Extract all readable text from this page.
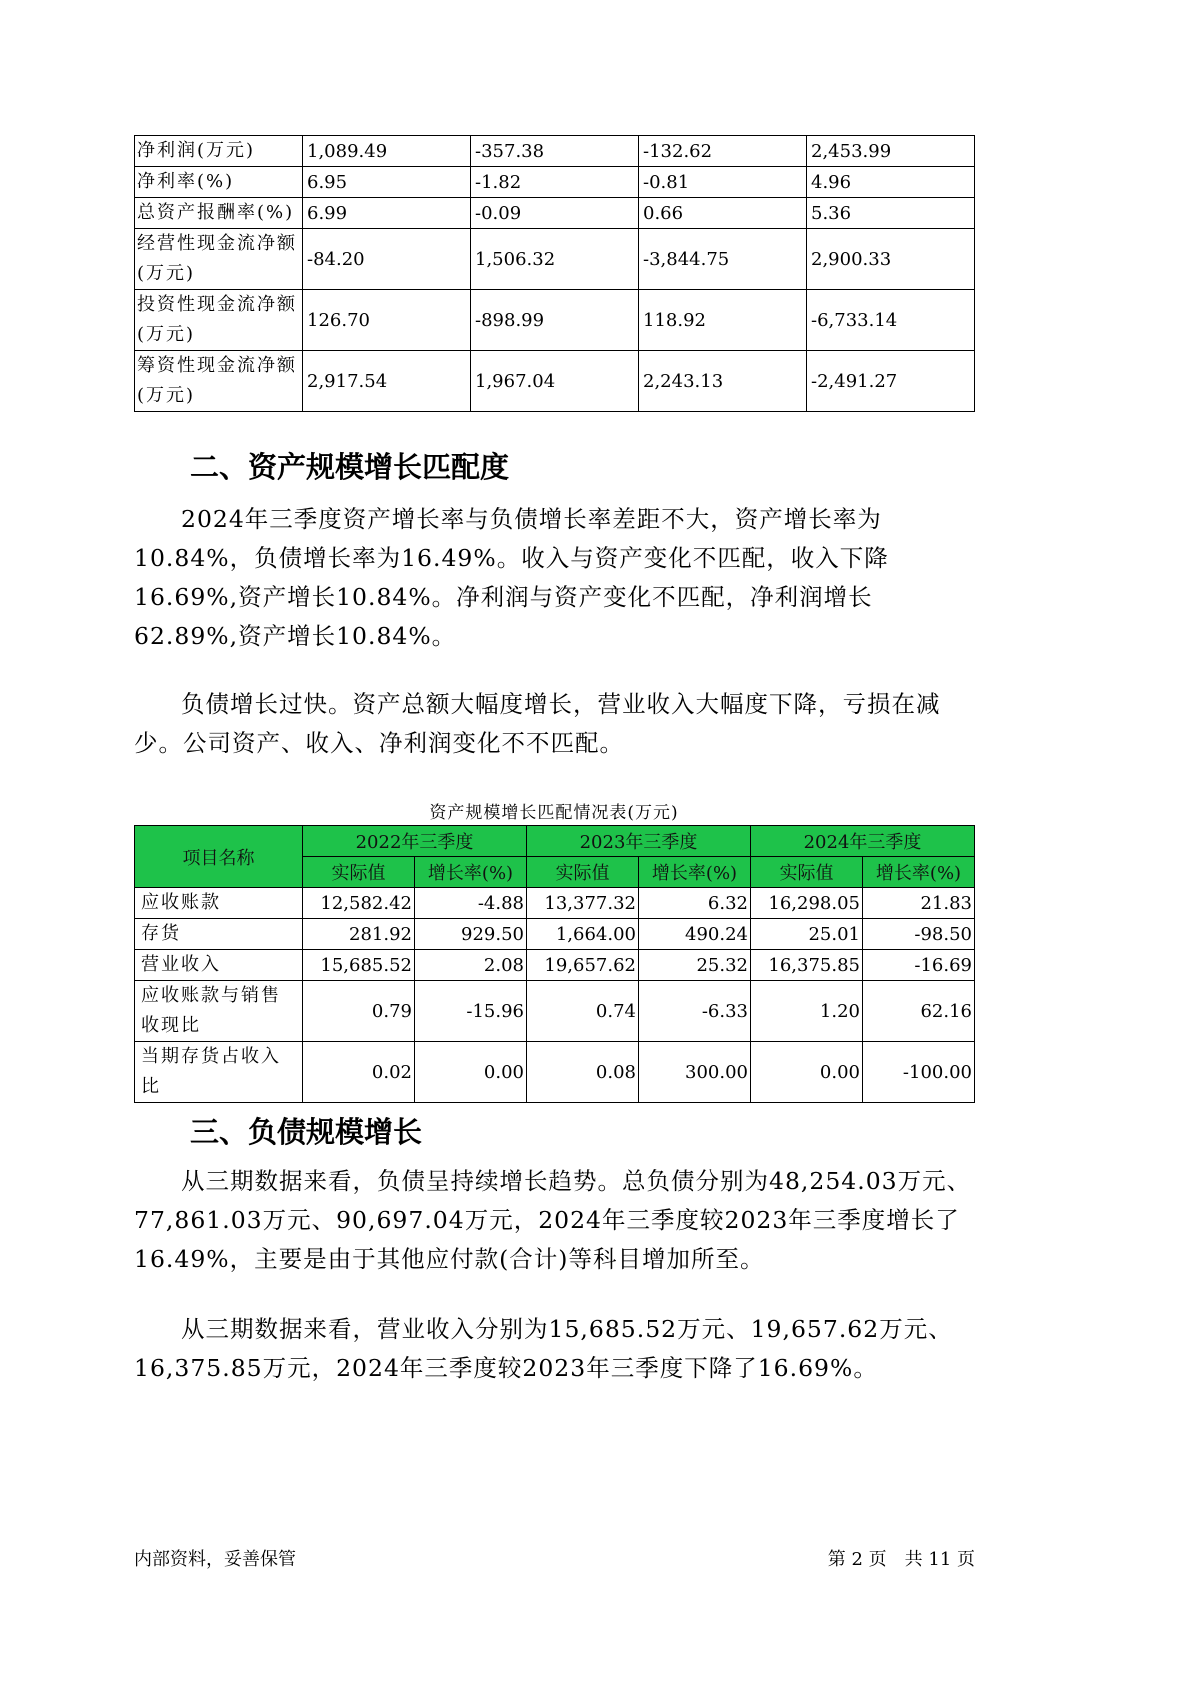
净利润(万元)	1,089.49	-357.38	-132.62	2,453.99
净利率(%)	6.95	-1.82	-0.81	4.96
总资产报酬率(%)	6.99	-0.09	0.66	5.36
经营性现金流净额(万元)	-84.20	1,506.32	-3,844.75	2,900.33
投资性现金流净额(万元)	126.70	-898.99	118.92	-6,733.14
筹资性现金流净额(万元)	2,917.54	1,967.04	2,243.13	-2,491.27
二、资产规模增长匹配度

2024年三季度资产增长率与负债增长率差距不大，资产增长率为10.84%，负债增长率为16.49%。收入与资产变化不匹配，收入下降16.69%,资产增长10.84%。净利润与资产变化不匹配，净利润增长62.89%,资产增长10.84%。

负债增长过快。资产总额大幅度增长，营业收入大幅度下降，亏损在减少。公司资产、收入、净利润变化不不匹配。

资产规模增长匹配情况表(万元)
项目名称	2022年三季度		2023年三季度		2024年三季度	
	实际值	增长率(%)	实际值	增长率(%)	实际值	增长率(%)
应收账款	12,582.42	-4.88	13,377.32	6.32	16,298.05	21.83
存货	281.92	929.50	1,664.00	490.24	25.01	-98.50
营业收入	15,685.52	2.08	19,657.62	25.32	16,375.85	-16.69
应收账款与销售收现比	0.79	-15.96	0.74	-6.33	1.20	62.16
当期存货占收入比	0.02	0.00	0.08	300.00	0.00	-100.00
三、负债规模增长

从三期数据来看，负债呈持续增长趋势。总负债分别为48,254.03万元、77,861.03万元、90,697.04万元，2024年三季度较2023年三季度增长了16.49%，主要是由于其他应付款(合计)等科目增加所至。

从三期数据来看，营业收入分别为15,685.52万元、19,657.62万元、16,375.85万元，2024年三季度较2023年三季度下降了16.69%。

内部资料，妥善保管	第 2 页　共 11 页
